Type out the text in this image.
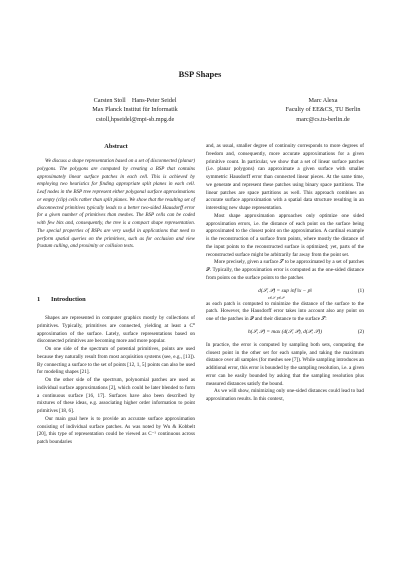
BSP Shapes
Carsten Stoll    Hans-Peter Seidel
Max Planck Institut für Informatik
cstoll,hpseidel@mpi-sb.mpg.de
Marc Alexa
Faculty of EE&CS, TU Berlin
marc@cs.tu-berlin.de
Abstract

We discuss a shape representation based on a set of disconnected (planar) polygons. The polygons are computed by creating a BSP that contains approximately linear surface patches in each cell. This is achieved by employing two heuristics for finding appropriate split planes in each cell. Leaf nodes in the BSP tree represent either polygonal surface approximations or empty (clip) cells rather than split planes. We show that the resulting set of disconnected primitives typically leads to a better two-sided Hausdorff error for a given number of primitives than meshes. The BSP cells can be coded with few bits and, consequently, the tree is a compact shape representation. The special properties of BSPs are very useful in applications that need to perform spatial queries on the primitives, such as for occlusion and view frustum culling, and proximity or collision tests.

1 Introduction

Shapes are represented in computer graphics mostly by collections of primitives. Typically, primitives are connected, yielding at least a C⁰ approximation of the surface. Lately, surface representations based on disconnected primitives are becoming more and more popular.

On one side of the spectrum of potential primitives, points are used because they naturally result from most acquisition systems (see, e.g., [13]). By connecting a surface to the set of points [12, 1, 5] points can also be used for modeling shapes [21].

On the other side of the spectrum, polynomial patches are used as individual surface approximations [2], which could be later blended to form a continuous surface [16, 17]. Surfaces have also been described by mixtures of these ideas, e.g. associating higher order information to point primitives [18, 6].

Our main goal here is to provide an accurate surface approximation consisting of individual surface patches. As was noted by Wu & Kobbelt [20], this type of representation could be viewed as C⁻¹ continuous across patch boundaries

and, as usual, smaller degree of continuity corresponds to more degrees of freedom and, consequently, more accurate approximations for a given primitive count. In particular, we show that a set of linear surface patches (i.e. planar polygons) can approximate a given surface with smaller symmetric Hausdorff error than connected linear pieces. At the same time, we generate and represent these patches using binary space partitions. The linear patches are space partitions as well. This approach combines an accurate surface approximation with a spatial data structure resulting in an interesting new shape representation.

Most shape approximation approaches only optimize one sided approximation errors, i.e. the distance of each point on the surface being approximated to the closest point on the approximation. A cardinal example is the reconstruction of a surface from points, where mostly the distance of the input points to the reconstructed surface is optimized; yet, parts of the reconstructed surface might be arbitrarily far away from the point set.

More precisely, given a surface 𝒮 to be approximated by a set of patches 𝒫. Typically, the approximation error is computed as the one-sided distance from points on the surface points to the patches

d(𝒮, 𝒫) = sup inf ‖x − p‖
x∈𝒮  p∈𝒫
(1)

as each patch is computed to minimize the distance of the surface to the patch. However, the Hausdorff error takes into account also any point on one of the patches in 𝒫 and their distance to the surface 𝒮:

h(𝒮, 𝒫) = max (d(𝒮, 𝒫), d(𝒫, 𝒮))	(2)

In practice, the error is computed by sampling both sets, computing the closest point in the other set for each sample, and taking the maximum distance over all samples (for meshes see [7]). While sampling introduces an additional error, this error is bounded by the sampling resolution, i.e. a given error can be easily bounded by asking that the sampling resolution plus measured distances satisfy the bound.

As we will show, minimizing only one-sided distances could lead to bad approximation results. In this context,
